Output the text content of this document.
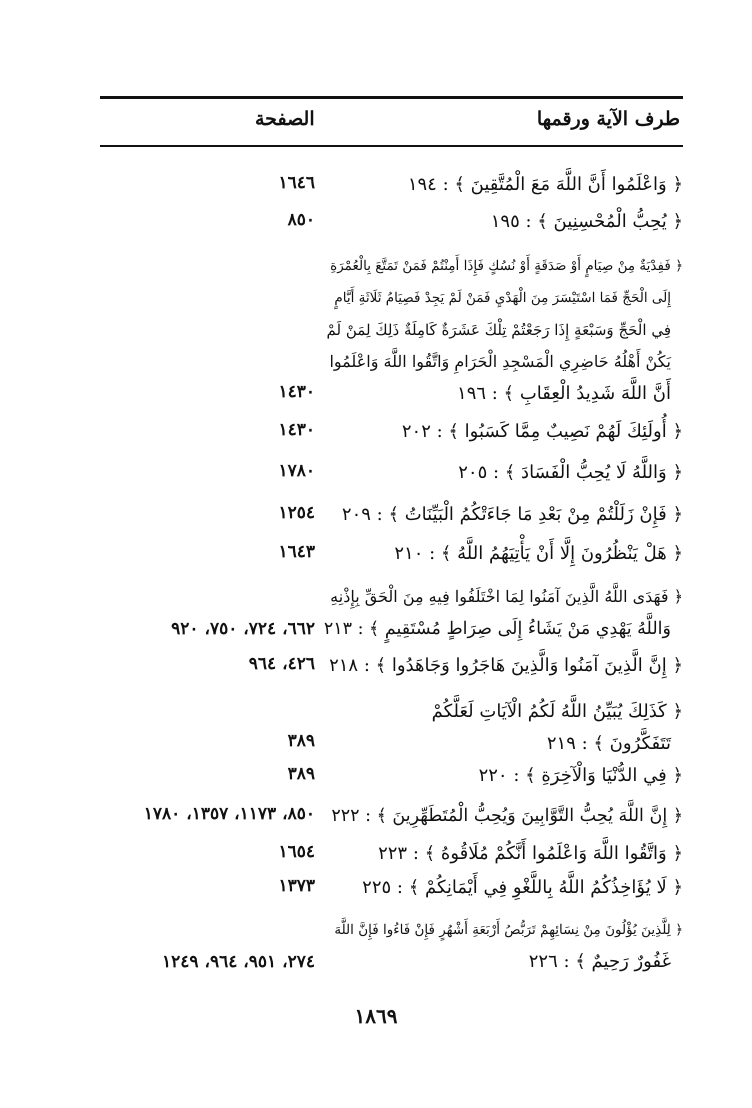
طرف الآية ورقمها
الصفحة
﴿ وَاعْلَمُوا أَنَّ اللَّهَ مَعَ الْمُتَّقِينَ ﴾ : ١٩٤
١٦٤٦
﴿ يُحِبُّ الْمُحْسِنِينَ ﴾ : ١٩٥
٨٥٠
﴿ فَفِدْيَةٌ مِنْ صِيَامٍ أَوْ صَدَقَةٍ أَوْ نُسُكٍ فَإِذَا أَمِنْتُمْ فَمَنْ تَمَتَّعَ بِالْعُمْرَةِ
إِلَى الْحَجِّ فَمَا اسْتَيْسَرَ مِنَ الْهَدْيِ فَمَنْ لَمْ يَجِدْ فَصِيَامُ ثَلَاثَةِ أَيَّامٍ
فِي الْحَجِّ وَسَبْعَةٍ إِذَا رَجَعْتُمْ تِلْكَ عَشَرَةٌ كَامِلَةٌ ذَلِكَ لِمَنْ لَمْ
يَكُنْ أَهْلُهُ حَاضِرِي الْمَسْجِدِ الْحَرَامِ وَاتَّقُوا اللَّهَ وَاعْلَمُوا
أَنَّ اللَّهَ شَدِيدُ الْعِقَابِ ﴾ : ١٩٦
١٤٣٠
﴿ أُولَئِكَ لَهُمْ نَصِيبٌ مِمَّا كَسَبُوا ﴾ : ٢٠٢
١٤٣٠
﴿ وَاللَّهُ لَا يُحِبُّ الْفَسَادَ ﴾ : ٢٠٥
١٧٨٠
﴿ فَإِنْ زَلَلْتُمْ مِنْ بَعْدِ مَا جَاءَتْكُمُ الْبَيِّنَاتُ ﴾ : ٢٠٩
١٢٥٤
﴿ هَلْ يَنْظُرُونَ إِلَّا أَنْ يَأْتِيَهُمُ اللَّهُ ﴾ : ٢١٠
١٦٤٣
﴿ فَهَدَى اللَّهُ الَّذِينَ آمَنُوا لِمَا اخْتَلَفُوا فِيهِ مِنَ الْحَقِّ بِإِذْنِهِ
وَاللَّهُ يَهْدِي مَنْ يَشَاءُ إِلَى صِرَاطٍ مُسْتَقِيمٍ ﴾ : ٢١٣
٦٦٢، ٧٢٤، ٧٥٠، ٩٢٠
﴿ إِنَّ الَّذِينَ آمَنُوا وَالَّذِينَ هَاجَرُوا وَجَاهَدُوا ﴾ : ٢١٨
٤٢٦، ٩٦٤
﴿ كَذَلِكَ يُبَيِّنُ اللَّهُ لَكُمُ الْآيَاتِ لَعَلَّكُمْ
تَتَفَكَّرُونَ ﴾ : ٢١٩
٣٨٩
﴿ فِي الدُّنْيَا وَالْآخِرَةِ ﴾ : ٢٢٠
٣٨٩
﴿ إِنَّ اللَّهَ يُحِبُّ التَّوَّابِينَ وَيُحِبُّ الْمُتَطَهِّرِينَ ﴾ : ٢٢٢
٨٥٠، ١١٧٣، ١٣٥٧، ١٧٨٠
﴿ وَاتَّقُوا اللَّهَ وَاعْلَمُوا أَنَّكُمْ مُلَاقُوهُ ﴾ : ٢٢٣
١٦٥٤
﴿ لَا يُؤَاخِذُكُمُ اللَّهُ بِاللَّغْوِ فِي أَيْمَانِكُمْ ﴾ : ٢٢٥
١٣٧٣
﴿ لِلَّذِينَ يُؤْلُونَ مِنْ نِسَائِهِمْ تَرَبُّصُ أَرْبَعَةِ أَشْهُرٍ فَإِنْ فَاءُوا فَإِنَّ اللَّهَ
غَفُورٌ رَحِيمٌ ﴾ : ٢٢٦
٢٧٤، ٩٥١، ٩٦٤، ١٢٤٩
١٨٦٩
